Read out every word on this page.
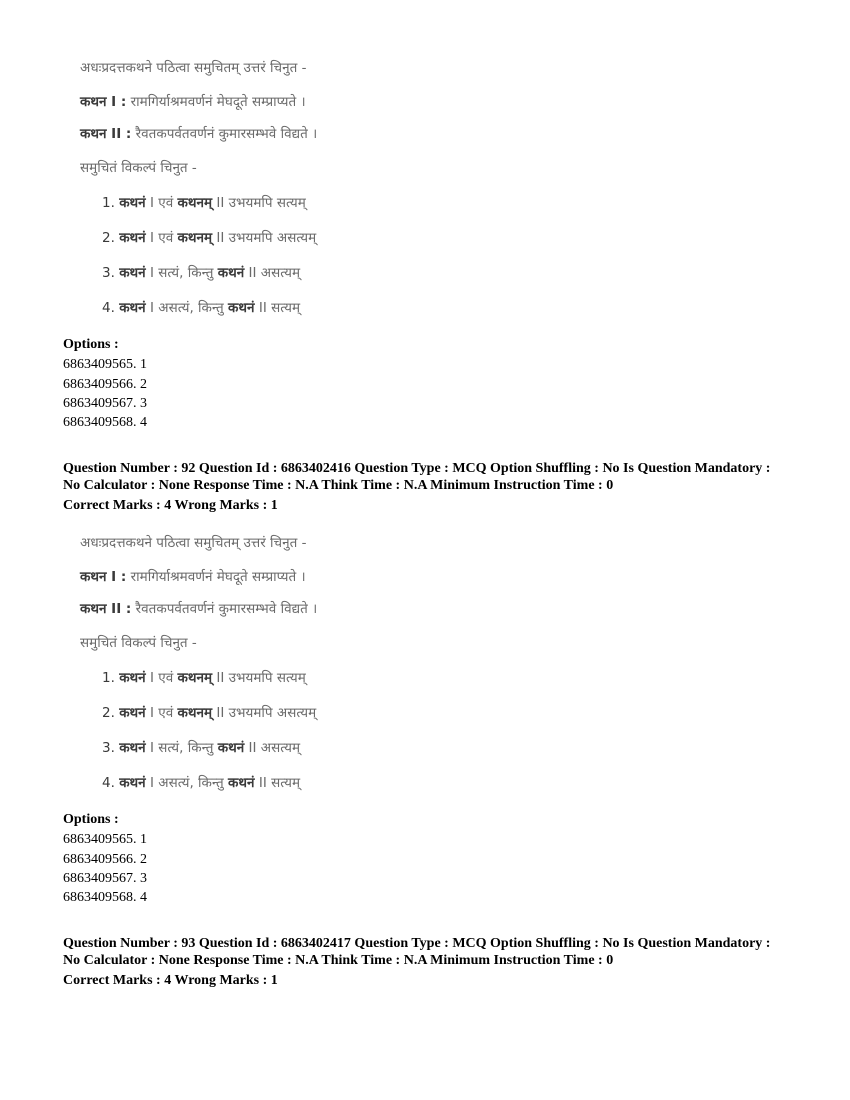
अधःप्रदत्तकथने पठित्वा समुचितम् उत्तरं चिनुत -
कथन I : रामगिर्याश्रमवर्णनं मेघदूते सम्प्राप्यते ।
कथन II : रैवतकपर्वतवर्णनं कुमारसम्भवे विद्यते ।
समुचितं विकल्पं चिनुत -
1. कथनं I एवं कथनम् II उभयमपि सत्यम्
2. कथनं I एवं कथनम् II उभयमपि असत्यम्
3. कथनं I सत्यं, किन्तु कथनं II असत्यम्
4. कथनं I असत्यं, किन्तु कथनं II सत्यम्
Options :
6863409565. 1
6863409566. 2
6863409567. 3
6863409568. 4
Question Number : 92 Question Id : 6863402416 Question Type : MCQ Option Shuffling : No Is Question Mandatory :
No Calculator : None Response Time : N.A Think Time : N.A Minimum Instruction Time : 0
Correct Marks : 4 Wrong Marks : 1
अधःप्रदत्तकथने पठित्वा समुचितम् उत्तरं चिनुत -
कथन I : रामगिर्याश्रमवर्णनं मेघदूते सम्प्राप्यते ।
कथन II : रैवतकपर्वतवर्णनं कुमारसम्भवे विद्यते ।
समुचितं विकल्पं चिनुत -
1. कथनं I एवं कथनम् II उभयमपि सत्यम्
2. कथनं I एवं कथनम् II उभयमपि असत्यम्
3. कथनं I सत्यं, किन्तु कथनं II असत्यम्
4. कथनं I असत्यं, किन्तु कथनं II सत्यम्
Options :
6863409565. 1
6863409566. 2
6863409567. 3
6863409568. 4
Question Number : 93 Question Id : 6863402417 Question Type : MCQ Option Shuffling : No Is Question Mandatory :
No Calculator : None Response Time : N.A Think Time : N.A Minimum Instruction Time : 0
Correct Marks : 4 Wrong Marks : 1
